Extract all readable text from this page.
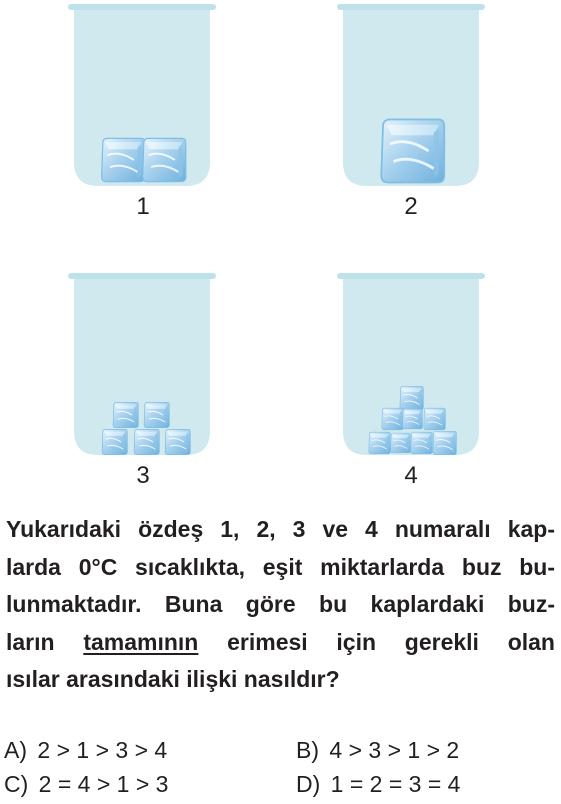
1	2
3	4
Yukarıdaki özdeş 1, 2, 3 ve 4 numaralı kap-
larda 0°C sıcaklıkta, eşit miktarlarda buz bu-
lunmaktadır. Buna göre bu kaplardaki buz-
ların tamamının erimesi için gerekli olan
ısılar arasındaki ilişki nasıldır?
A) 2 > 1 > 3 > 4	B) 4 > 3 > 1 > 2
C) 2 = 4 > 1 > 3	D) 1 = 2 = 3 = 4
